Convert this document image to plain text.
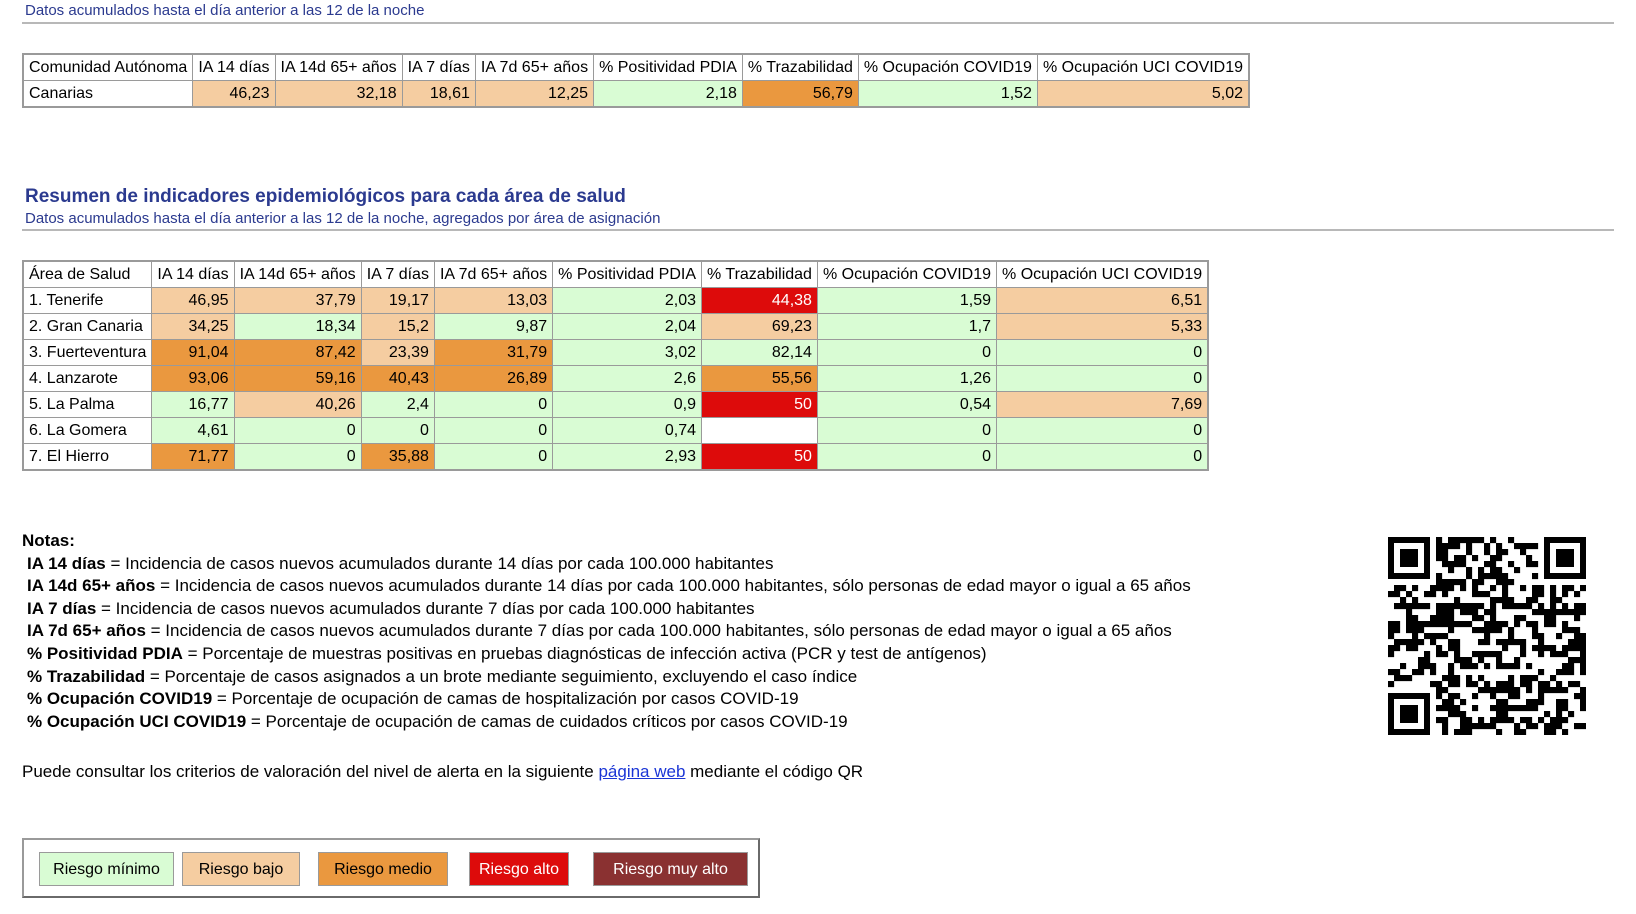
Datos acumulados hasta el día anterior a las 12 de la noche
Comunidad Autónoma	IA 14 días	IA 14d 65+ años	IA 7 días	IA 7d 65+ años	% Positividad PDIA	% Trazabilidad	% Ocupación COVID19	% Ocupación UCI COVID19
Canarias	46,23	32,18	18,61	12,25	2,18	56,79	1,52	5,02
Resumen de indicadores epidemiológicos para cada área de salud
Datos acumulados hasta el día anterior a las 12 de la noche, agregados por área de asignación
Área de Salud	IA 14 días	IA 14d 65+ años	IA 7 días	IA 7d 65+ años	% Positividad PDIA	% Trazabilidad	% Ocupación COVID19	% Ocupación UCI COVID19
1. Tenerife	46,95	37,79	19,17	13,03	2,03	44,38	1,59	6,51
2. Gran Canaria	34,25	18,34	15,2	9,87	2,04	69,23	1,7	5,33
3. Fuerteventura	91,04	87,42	23,39	31,79	3,02	82,14	0	0
4. Lanzarote	93,06	59,16	40,43	26,89	2,6	55,56	1,26	0
5. La Palma	16,77	40,26	2,4	0	0,9	50	0,54	7,69
6. La Gomera	4,61	0	0	0	0,74		0	0
7. El Hierro	71,77	0	35,88	0	2,93	50	0	0
Notas:
IA 14 días = Incidencia de casos nuevos acumulados durante 14 días por cada 100.000 habitantes
IA 14d 65+ años = Incidencia de casos nuevos acumulados durante 14 días por cada 100.000 habitantes, sólo personas de edad mayor o igual a 65 años
IA 7 días = Incidencia de casos nuevos acumulados durante 7 días por cada 100.000 habitantes
IA 7d 65+ años = Incidencia de casos nuevos acumulados durante 7 días por cada 100.000 habitantes, sólo personas de edad mayor o igual a 65 años
% Positividad PDIA = Porcentaje de muestras positivas en pruebas diagnósticas de infección activa (PCR y test de antígenos)
% Trazabilidad = Porcentaje de casos asignados a un brote mediante seguimiento, excluyendo el caso índice
% Ocupación COVID19 = Porcentaje de ocupación de camas de hospitalización por casos COVID-19
% Ocupación UCI COVID19 = Porcentaje de ocupación de camas de cuidados críticos por casos COVID-19
Puede consultar los criterios de valoración del nivel de alerta en la siguiente página web mediante el código QR
Riesgo mínimo	Riesgo bajo	Riesgo medio	Riesgo alto	Riesgo muy alto
